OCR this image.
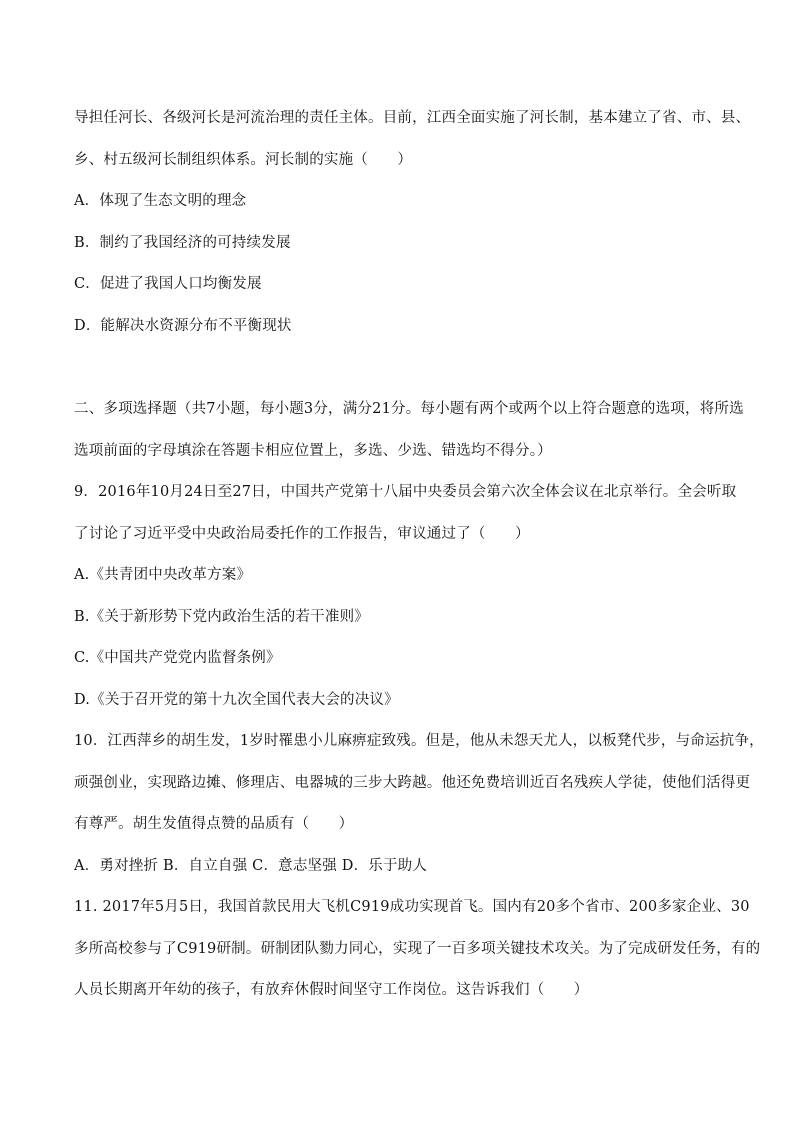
导担任河长、各级河长是河流治理的责任主体。目前，江西全面实施了河长制，基本建立了省、市、县、
乡、村五级河长制组织体系。河长制的实施（　　）
A．体现了生态文明的理念
B．制约了我国经济的可持续发展
C．促进了我国人口均衡发展
D．能解决水资源分布不平衡现状
二、多项选择题（共7小题，每小题3分，满分21分。每小题有两个或两个以上符合题意的选项，将所选
选项前面的字母填涂在答题卡相应位置上，多选、少选、错选均不得分。）
9．2016年10月24日至27日，中国共产党第十八届中央委员会第六次全体会议在北京举行。全会听取
了讨论了习近平受中央政治局委托作的工作报告，审议通过了（　　）
A.《共青团中央改革方案》
B.《关于新形势下党内政治生活的若干准则》
C.《中国共产党党内监督条例》
D.《关于召开党的第十九次全国代表大会的决议》
10．江西萍乡的胡生发，1岁时罹患小儿麻痹症致残。但是，他从未怨天尤人，以板凳代步，与命运抗争，
顽强创业，实现路边摊、修理店、电器城的三步大跨越。他还免费培训近百名残疾人学徒，使他们活得更
有尊严。胡生发值得点赞的品质有（　　）
A．勇对挫折 B．自立自强 C．意志坚强 D．乐于助人
11. 2017年5月5日，我国首款民用大飞机C919成功实现首飞。国内有20多个省市、200多家企业、30
多所高校参与了C919研制。研制团队勠力同心，实现了一百多项关键技术攻关。为了完成研发任务，有的
人员长期离开年幼的孩子，有放弃休假时间坚守工作岗位。这告诉我们（　　）
